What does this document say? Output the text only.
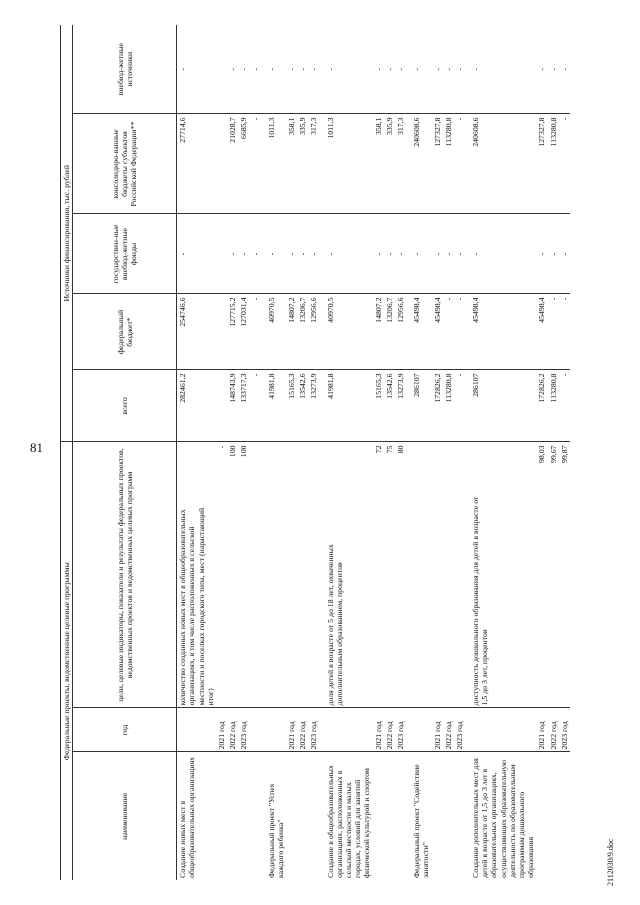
81
2112030/9.doc
Федеральные проекты, ведомственные целевые программы				Источники финансирования, тыс. рублей				
наименование	год	цели, целевые индикаторы, показатели и результаты федеральных проектов, ведомственных проектов и ведомственных целевых программ		всего	федеральный бюджет*	государствен-ные внебюд-жетные фонды	консолидиро-ванные бюджеты субъектов Российской Федерации**	внебюд-жетные источники
Создание новых мест в общеобразовательных организациях		количество созданных новых мест в общеобразовательных организациях, в том числе расположенных в сельской местности и поселках городского типа, мест (нарастающий итог)		282461,2	254746,6	-	27714,6	-
	2021 год		-					
	2022 год		100	148743,9	127715,2	-	21028,7	-
	2023 год		100	133717,3	127031,4	-	6685,9	-
				-	-	-	-	-
Федеральный проект "Успех каждого ребенка"				41981,8	40970,5	-	1011,3	-
	2021 год			15165,3	14807,2	-	358,1	-
	2022 год			13542,6	13206,7	-	335,9	-
	2023 год			13273,9	12956,6	-	317,3	-
Создание в общеобразовательных организациях, расположенных в сельской местности и малых городах, условий для занятий физической культурой и спортом		доля детей в возрасте от 5 до 18 лет, охваченных дополнительным образованием, процентов		41981,8	40970,5	-	1011,3	-
	2021 год		72	15165,3	14807,2	-	358,1	-
	2022 год		75	13542,6	13206,7	-	335,9	-
	2023 год		80	13273,9	12956,6	-	317,3	-
Федеральный проект "Содействие занятости"				286107	45498,4	-	240608,6	-
	2021 год			172826,2	45498,4	-	127327,8	-
	2022 год			113280,8	-	-	113280,8	-
	2023 год			-	-	-	-	-
Создание дополнительных мест для детей в возрасте от 1,5 до 3 лет в образовательных организациях, осуществляющих образовательную деятельность по образовательным программам дошкольного образования		доступность дошкольного образования для детей в возрасте от 1,5 до 3 лет, процентов		286107	45498,4	-	240608,6	-
	2021 год		98,03	172826,2	45498,4	-	127327,8	-
	2022 год		99,67	113280,8	-	-	113280,8	-
	2023 год		99,87	-	-	-	-	-
